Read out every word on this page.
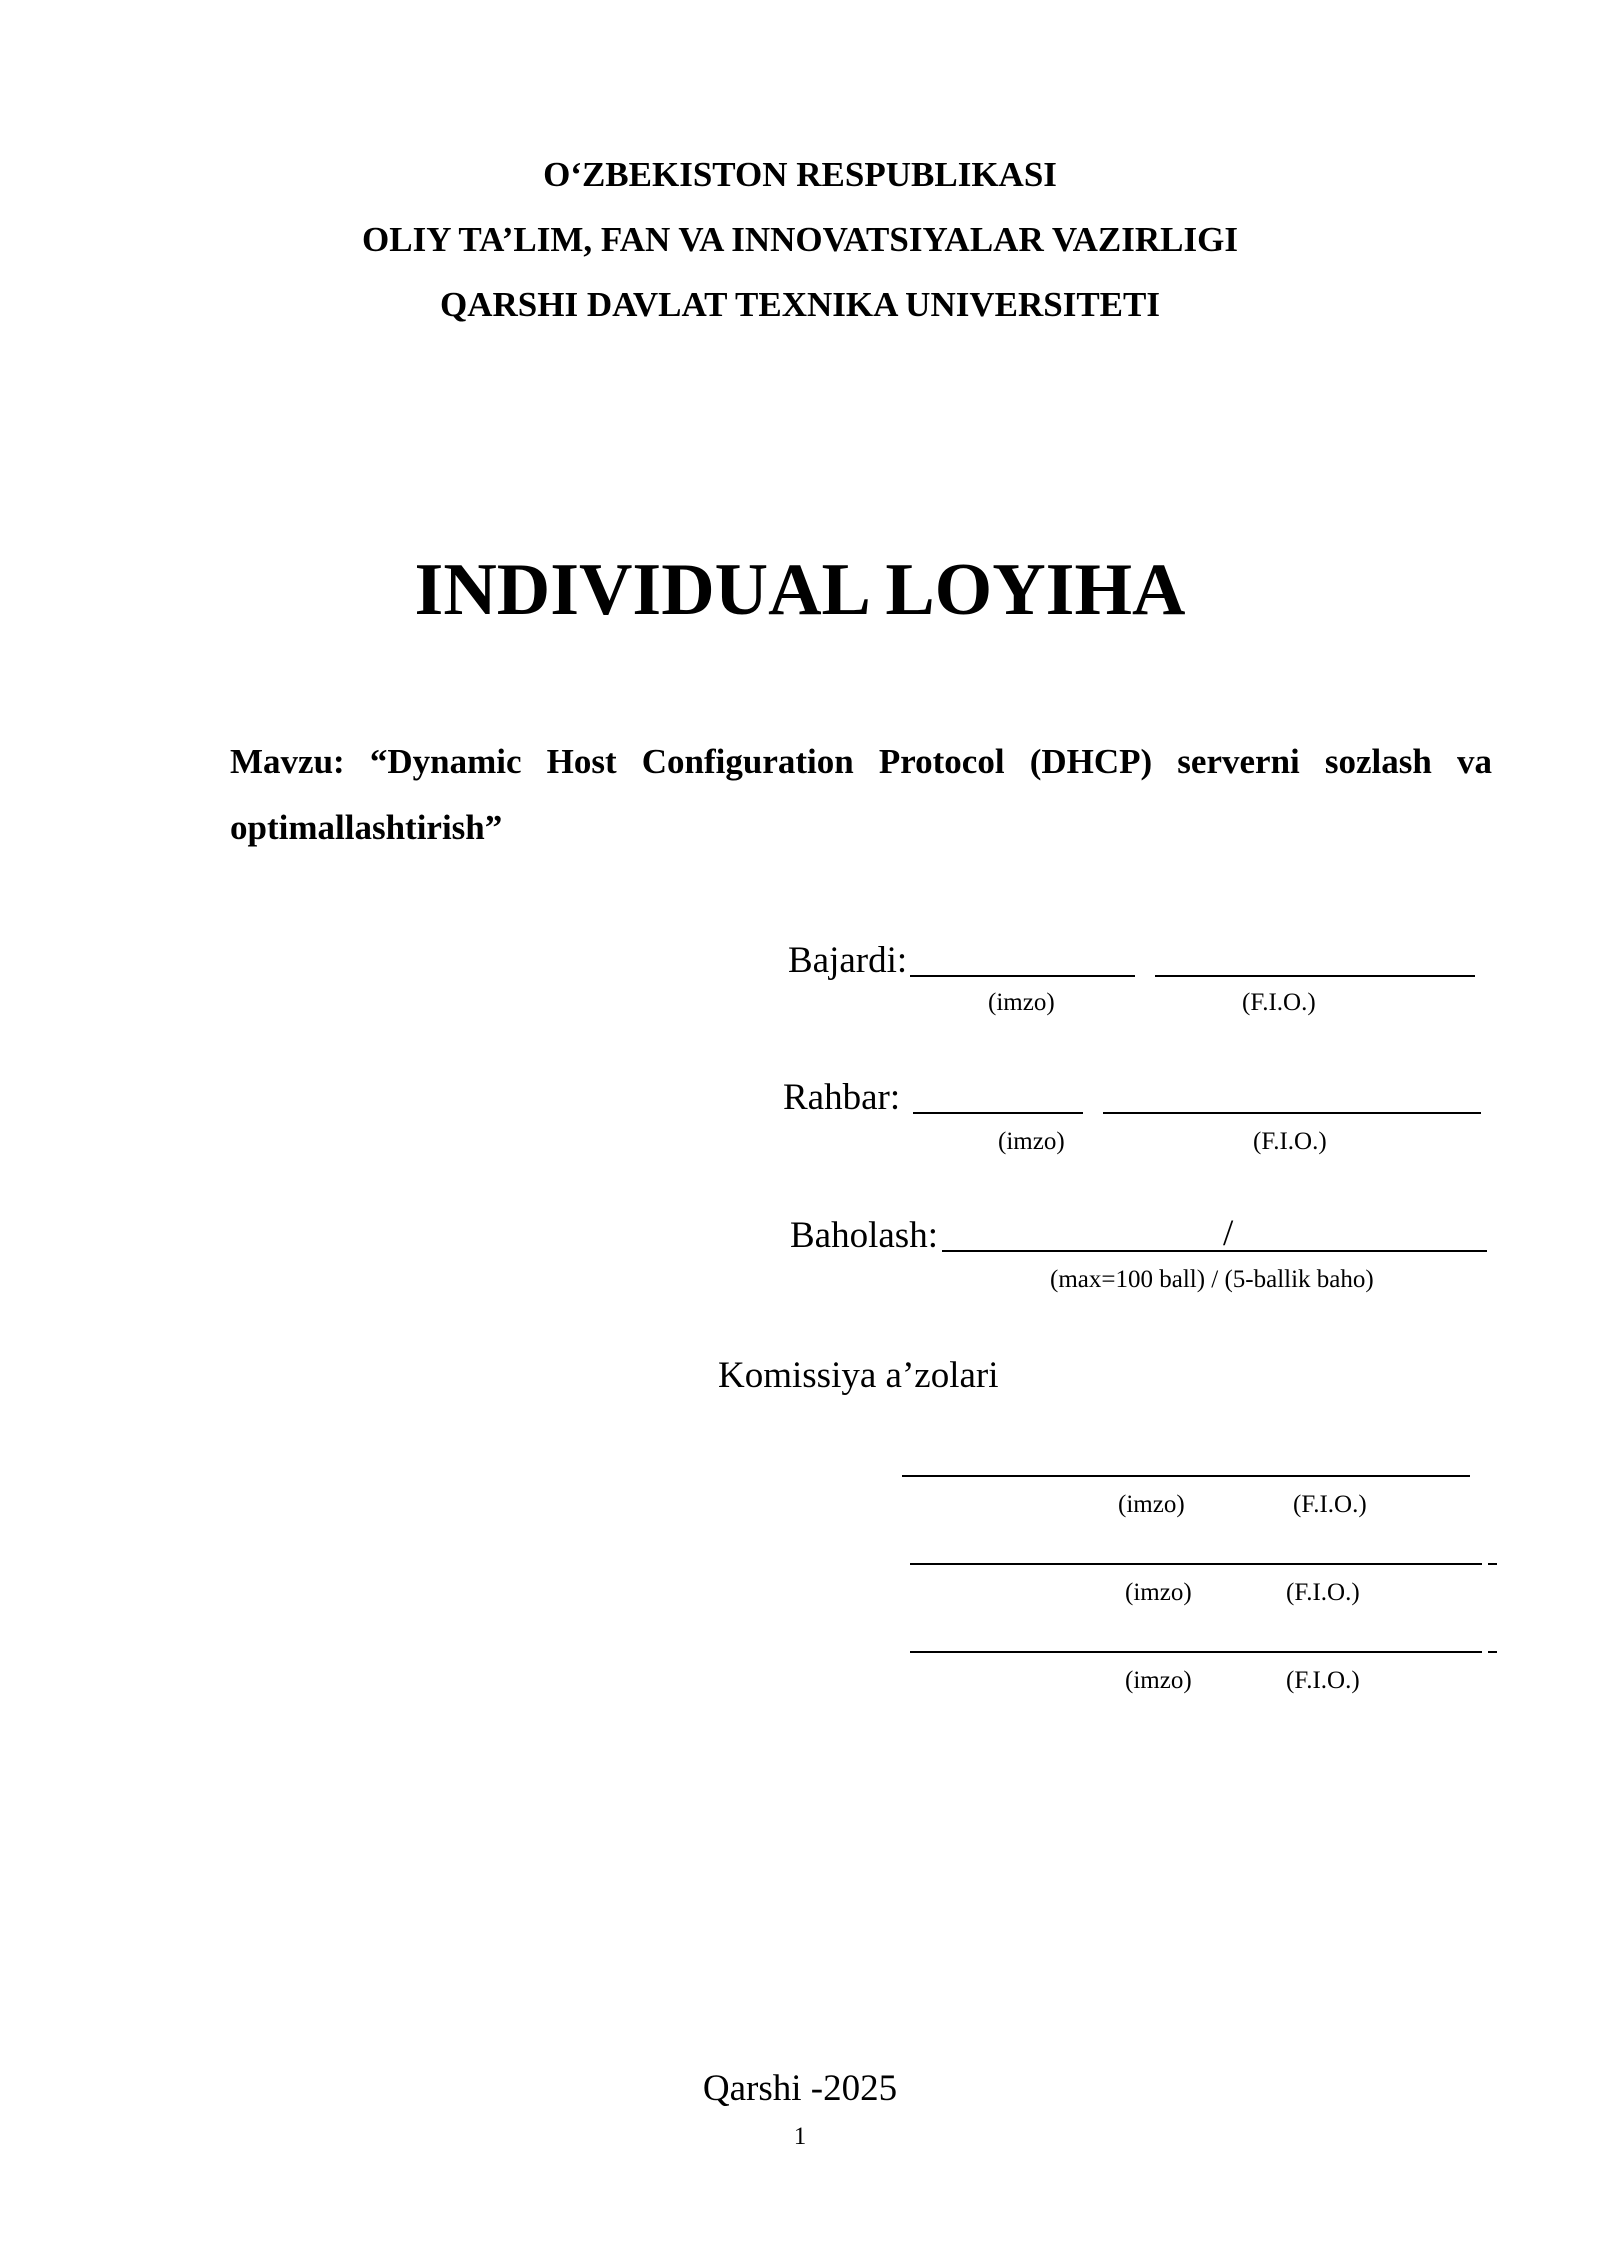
O‘ZBEKISTON RESPUBLIKASI
OLIY TA’LIM, FAN VA INNOVATSIYALAR VAZIRLIGI
QARSHI DAVLAT TEXNIKA UNIVERSITETI
INDIVIDUAL LOYIHA
Mavzu: “Dynamic Host Configuration Protocol (DHCP) serverni sozlash va
optimallashtirish”
Bajardi:
(imzo)	(F.I.O.)
Rahbar:
(imzo)	(F.I.O.)
Baholash:	/
(max=100 ball) / (5-ballik baho)
Komissiya a’zolari
(imzo)	(F.I.O.)
(imzo)	(F.I.O.)
(imzo)	(F.I.O.)
Qarshi -2025
1
